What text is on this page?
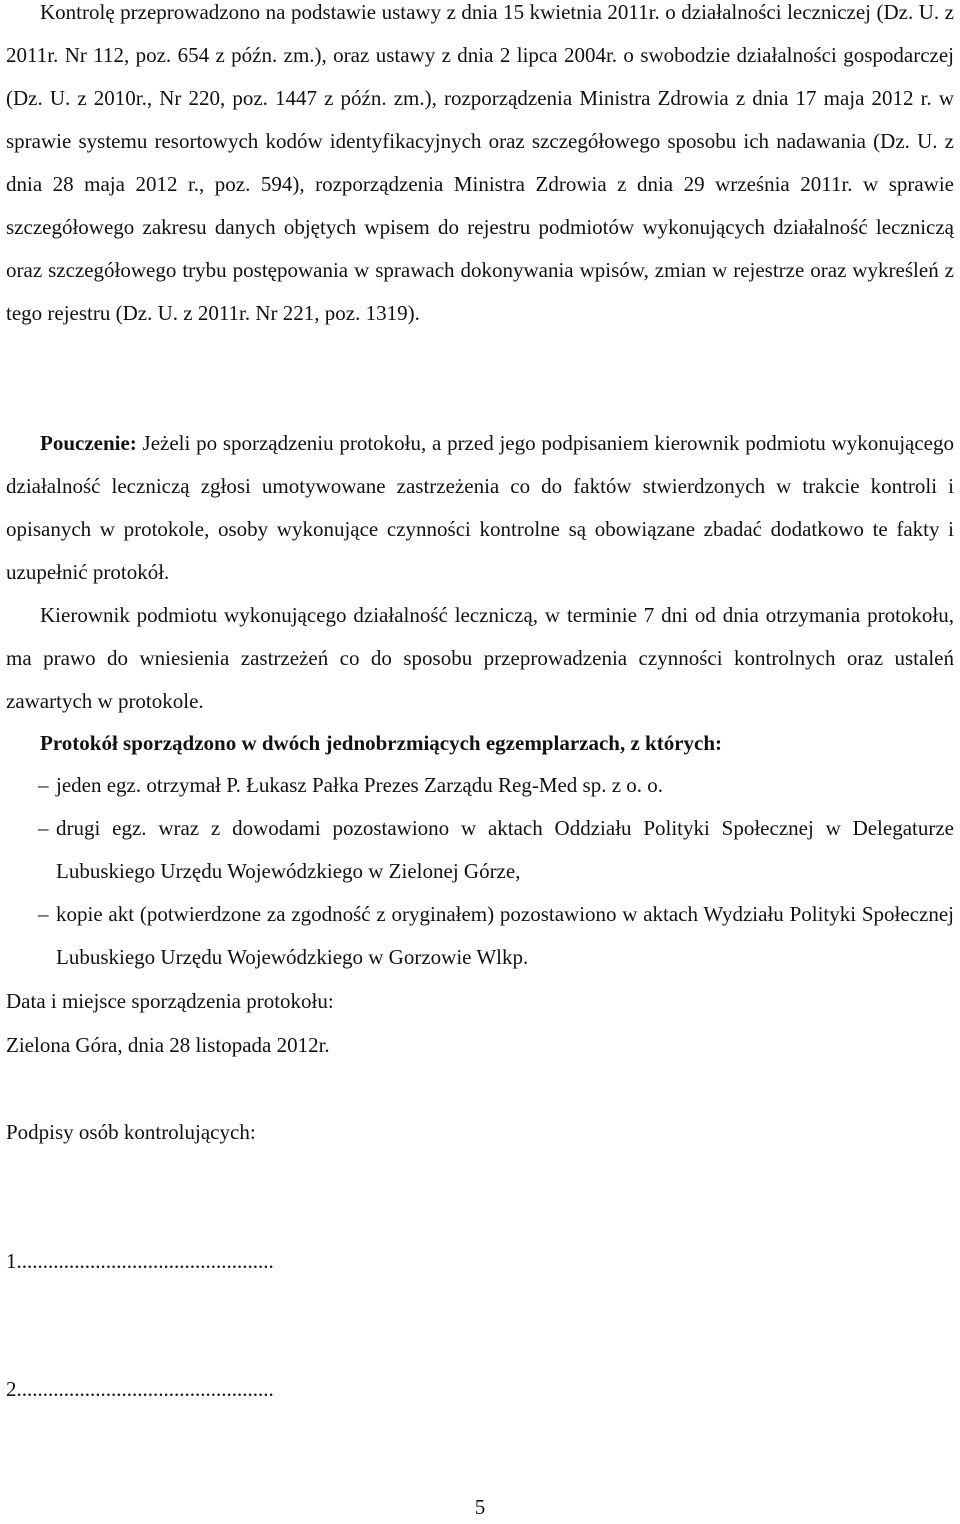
Kontrolę przeprowadzono na podstawie ustawy z dnia 15 kwietnia 2011r. o działalności leczniczej (Dz. U. z 2011r. Nr 112, poz. 654 z późn. zm.), oraz ustawy z dnia 2 lipca 2004r. o swobodzie działalności gospodarczej (Dz. U. z 2010r., Nr 220, poz. 1447 z późn. zm.), rozporządzenia Ministra Zdrowia z dnia 17 maja 2012 r. w sprawie systemu resortowych kodów identyfikacyjnych oraz szczegółowego sposobu ich nadawania (Dz. U. z dnia 28 maja 2012 r., poz. 594), rozporządzenia Ministra Zdrowia z dnia 29 września 2011r. w sprawie szczegółowego zakresu danych objętych wpisem do rejestru podmiotów wykonujących działalność leczniczą oraz szczegółowego trybu postępowania w sprawach dokonywania wpisów, zmian w rejestrze oraz wykreśleń z tego rejestru (Dz. U. z 2011r. Nr 221, poz. 1319).

Pouczenie: Jeżeli po sporządzeniu protokołu, a przed jego podpisaniem kierownik podmiotu wykonującego działalność leczniczą zgłosi umotywowane zastrzeżenia co do faktów stwierdzonych w trakcie kontroli i opisanych w protokole, osoby wykonujące czynności kontrolne są obowiązane zbadać dodatkowo te fakty i uzupełnić protokół.

Kierownik podmiotu wykonującego działalność leczniczą, w terminie 7 dni od dnia otrzymania protokołu, ma prawo do wniesienia zastrzeżeń co do sposobu przeprowadzenia czynności kontrolnych oraz ustaleń zawartych w protokole.

Protokół sporządzono w dwóch jednobrzmiących egzemplarzach, z których:

– jeden egz. otrzymał P. Łukasz Pałka Prezes Zarządu Reg-Med sp. z o. o.
– drugi egz. wraz z dowodami pozostawiono w aktach Oddziału Polityki Społecznej w Delegaturze Lubuskiego Urzędu Wojewódzkiego w Zielonej Górze,
– kopie akt (potwierdzone za zgodność z oryginałem) pozostawiono w aktach Wydziału Polityki Społecznej Lubuskiego Urzędu Wojewódzkiego w Gorzowie Wlkp.

Data i miejsce sporządzenia protokołu:

Zielona Góra, dnia 28 listopada 2012r.

Podpisy osób kontrolujących:

1.................................................

2.................................................

5
